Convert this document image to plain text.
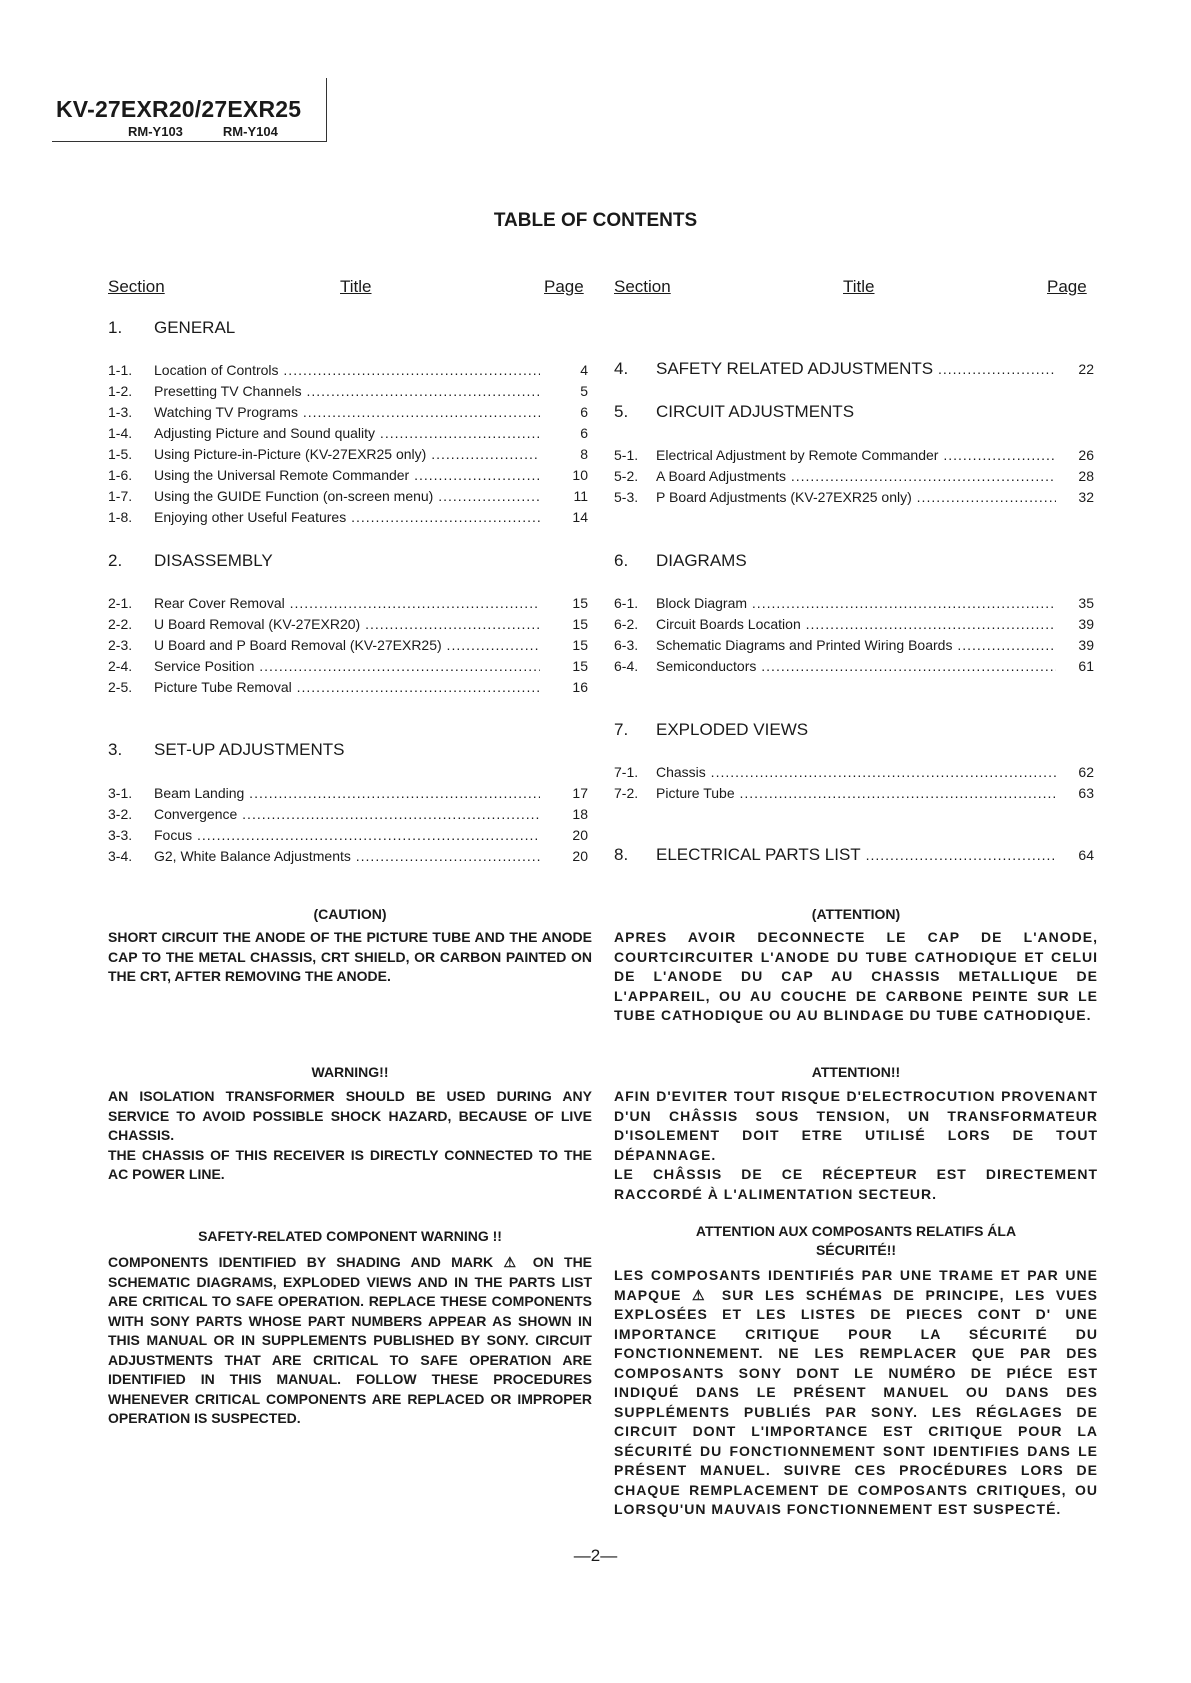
KV-27EXR20/27EXR25
RM-Y103	RM-Y104
TABLE OF CONTENTS
Section	Title	Page Section	Title	Page
1. GENERAL
1-1. Location of Controls .....	4
1-2. Presetting TV Channels .....	5
1-3. Watching TV Programs .....	6
1-4. Adjusting Picture and Sound quality .....	6
1-5. Using Picture-in-Picture (KV-27EXR25 only) .....	8
1-6. Using the Universal Remote Commander .....	10
1-7. Using the GUIDE Function (on-screen menu) .....	11
1-8. Enjoying other Useful Features .....	14
2. DISASSEMBLY
2-1. Rear Cover Removal .....	15
2-2. U Board Removal (KV-27EXR20) .....	15
2-3. U Board and P Board Removal (KV-27EXR25) .....	15
2-4. Service Position .....	15
2-5. Picture Tube Removal .....	16
3. SET-UP ADJUSTMENTS
3-1. Beam Landing .....	17
3-2. Convergence .....	18
3-3. Focus .....	20
3-4. G2, White Balance Adjustments .....	20
4. SAFETY RELATED ADJUSTMENTS .....	22
5. CIRCUIT ADJUSTMENTS
5-1. Electrical Adjustment by Remote Commander .....	26
5-2. A Board Adjustments .....	28
5-3. P Board Adjustments (KV-27EXR25 only) .....	32
6. DIAGRAMS
6-1. Block Diagram .....	35
6-2. Circuit Boards Location .....	39
6-3. Schematic Diagrams and Printed Wiring Boards .....	39
6-4. Semiconductors .....	61
7. EXPLODED VIEWS
7-1. Chassis .....	62
7-2. Picture Tube .....	63
8. ELECTRICAL PARTS LIST .....	64
(CAUTION)
SHORT CIRCUIT THE ANODE OF THE PICTURE TUBE AND THE ANODE CAP TO THE METAL CHASSIS, CRT SHIELD, OR CARBON PAINTED ON THE CRT, AFTER REMOVING THE ANODE.
(ATTENTION)
APRES AVOIR DECONNECTE LE CAP DE L'ANODE, COURTCIRCUITER L'ANODE DU TUBE CATHODIQUE ET CELUI DE L'ANODE DU CAP AU CHASSIS METALLIQUE DE L'APPAREIL, OU AU COUCHE DE CARBONE PEINTE SUR LE TUBE CATHODIQUE OU AU BLINDAGE DU TUBE CATHODIQUE.
WARNING!!

AN ISOLATION TRANSFORMER SHOULD BE USED DURING ANY SERVICE TO AVOID POSSIBLE SHOCK HAZARD, BECAUSE OF LIVE CHASSIS.

THE CHASSIS OF THIS RECEIVER IS DIRECTLY CONNECTED TO THE AC POWER LINE.

ATTENTION!!

AFIN D'EVITER TOUT RISQUE D'ELECTROCUTION PROVENANT D'UN CHÂSSIS SOUS TENSION, UN TRANSFORMATEUR D'ISOLEMENT DOIT ETRE UTILISÉ LORS DE TOUT DÉPANNAGE.

LE CHÂSSIS DE CE RÉCEPTEUR EST DIRECTEMENT RACCORDÉ À L'ALIMENTATION SECTEUR.

SAFETY-RELATED COMPONENT WARNING !!
COMPONENTS IDENTIFIED BY SHADING AND MARK ⚠ ON THE SCHEMATIC DIAGRAMS, EXPLODED VIEWS AND IN THE PARTS LIST ARE CRITICAL TO SAFE OPERATION. REPLACE THESE COMPONENTS WITH SONY PARTS WHOSE PART NUMBERS APPEAR AS SHOWN IN THIS MANUAL OR IN SUPPLEMENTS PUBLISHED BY SONY. CIRCUIT ADJUSTMENTS THAT ARE CRITICAL TO SAFE OPERATION ARE IDENTIFIED IN THIS MANUAL. FOLLOW THESE PROCEDURES WHENEVER CRITICAL COMPONENTS ARE REPLACED OR IMPROPER OPERATION IS SUSPECTED.
ATTENTION AUX COMPOSANTS RELATIFS ÁLA
SÉCURITÉ!!
LES COMPOSANTS IDENTIFIÉS PAR UNE TRAME ET PAR UNE MAPQUE ⚠ SUR LES SCHÉMAS DE PRINCIPE, LES VUES EXPLOSÉES ET LES LISTES DE PIECES CONT D' UNE IMPORTANCE CRITIQUE POUR LA SÉCURITÉ DU FONCTIONNEMENT. NE LES REMPLACER QUE PAR DES COMPOSANTS SONY DONT LE NUMÉRO DE PIÉCE EST INDIQUÉ DANS LE PRÉSENT MANUEL OU DANS DES SUPPLÉMENTS PUBLIÉS PAR SONY. LES RÉGLAGES DE CIRCUIT DONT L'IMPORTANCE EST CRITIQUE POUR LA SÉCURITÉ DU FONCTIONNEMENT SONT IDENTIFIES DANS LE PRÉSENT MANUEL. SUIVRE CES PROCÉDURES LORS DE CHAQUE REMPLACEMENT DE COMPOSANTS CRITIQUES, OU LORSQU'UN MAUVAIS FONCTIONNEMENT EST SUSPECTÉ.
—2—
